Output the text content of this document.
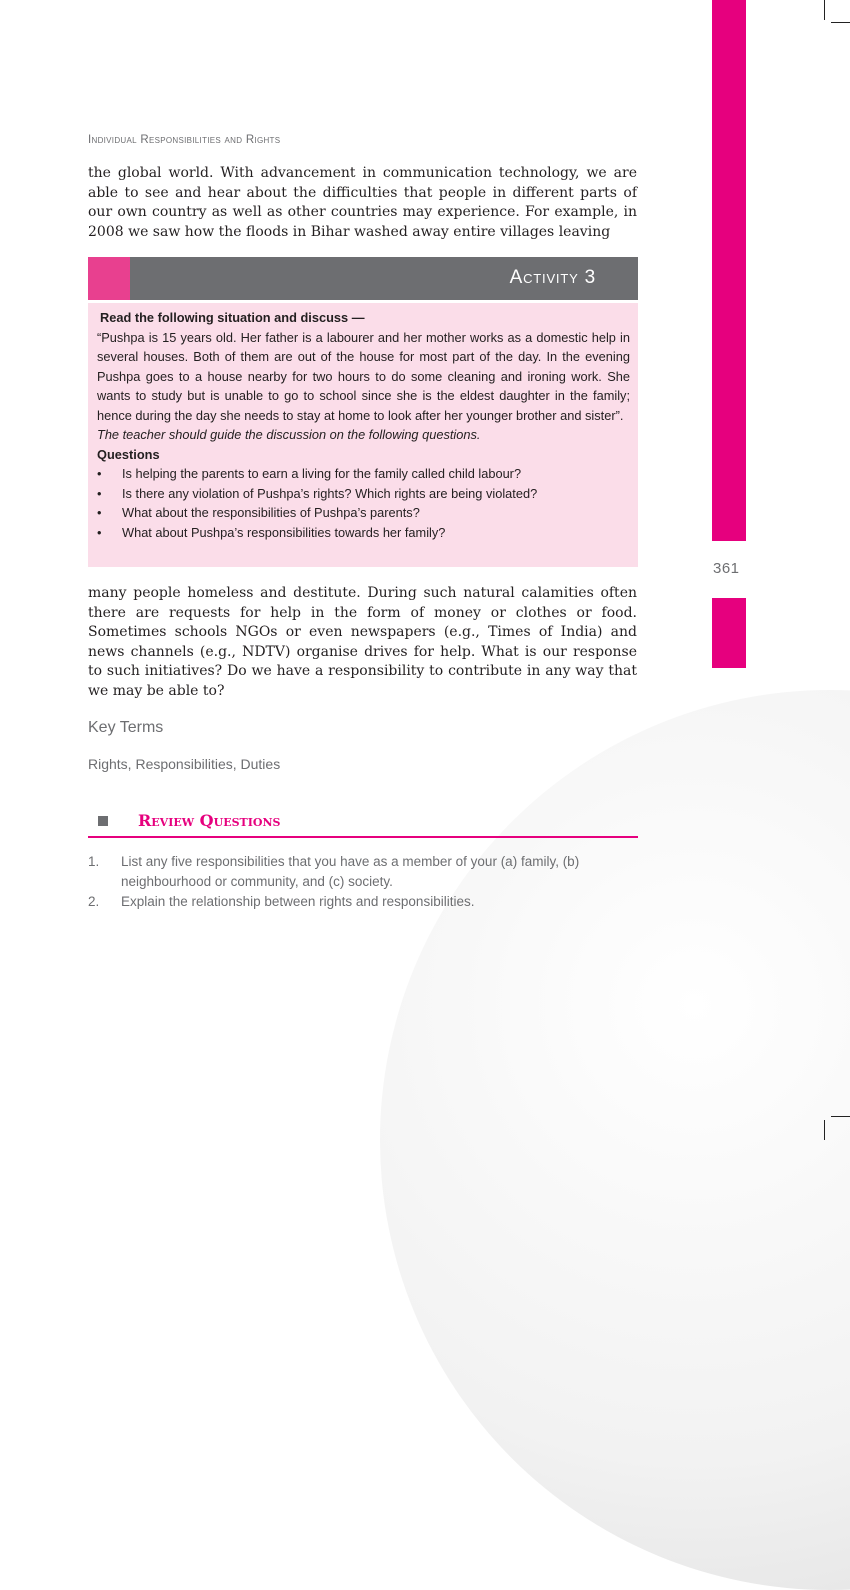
361
Individual Responsibilities and Rights

the global world. With advancement in communication technology, we are able to see and hear about the difficulties that people in different parts of our own country as well as other countries may experience. For example, in 2008 we saw how the floods in Bihar washed away entire villages leaving

Activity 3
Read the following situation and discuss —
“Pushpa is 15 years old. Her father is a labourer and her mother works as a domestic help in several houses. Both of them are out of the house for most part of the day. In the evening Pushpa goes to a house nearby for two hours to do some cleaning and ironing work. She wants to study but is unable to go to school since she is the eldest daughter in the family; hence during the day she needs to stay at home to look after her younger brother and sister”.
The teacher should guide the discussion on the following questions.
Questions
• Is helping the parents to earn a living for the family called child labour?
• Is there any violation of Pushpa’s rights? Which rights are being violated?
• What about the responsibilities of Pushpa’s parents?
• What about Pushpa’s responsibilities towards her family?

many people homeless and destitute. During such natural calamities often there are requests for help in the form of money or clothes or food. Sometimes schools NGOs or even newspapers (e.g., Times of India) and news channels (e.g., NDTV) organise drives for help. What is our response to such initiatives? Do we have a responsibility to contribute in any way that we may be able to?

Key Terms
Rights, Responsibilities, Duties
Review Questions
1. List any five responsibilities that you have as a member of your (a) family, (b) neighbourhood or community, and (c) society.
2. Explain the relationship between rights and responsibilities.
